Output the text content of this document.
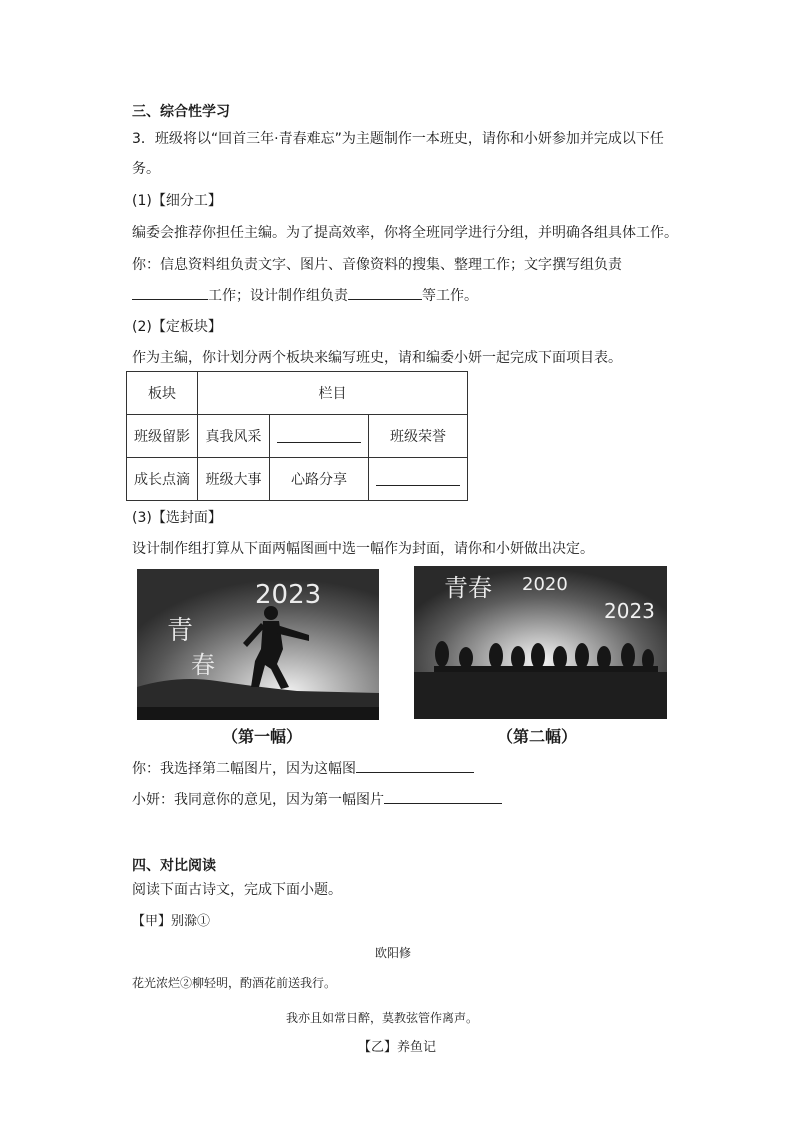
三、综合性学习
3．班级将以“回首三年·青春难忘”为主题制作一本班史，请你和小妍参加并完成以下任
务。
(1)【细分工】
编委会推荐你担任主编。为了提高效率，你将全班同学进行分组，并明确各组具体工作。
你：信息资料组负责文字、图片、音像资料的搜集、整理工作；文字撰写组负责
工作；设计制作组负责	等工作。
(2)【定板块】
作为主编，你计划分两个板块来编写班史，请和编委小妍一起完成下面项目表。
板块	栏目		
班级留影	真我风采		班级荣誉
成长点滴	班级大事	心路分享	
(3)【选封面】
设计制作组打算从下面两幅图画中选一幅作为封面，请你和小妍做出决定。
青
春
2023
（第一幅）
青春 2020
2023
（第二幅）
你：我选择第二幅图片，因为这幅图
小妍：我同意你的意见，因为第一幅图片
四、对比阅读
阅读下面古诗文，完成下面小题。
【甲】别滁①
欧阳修
花光浓烂②柳轻明，酌酒花前送我行。
我亦且如常日醉，莫教弦管作离声。
【乙】养鱼记
